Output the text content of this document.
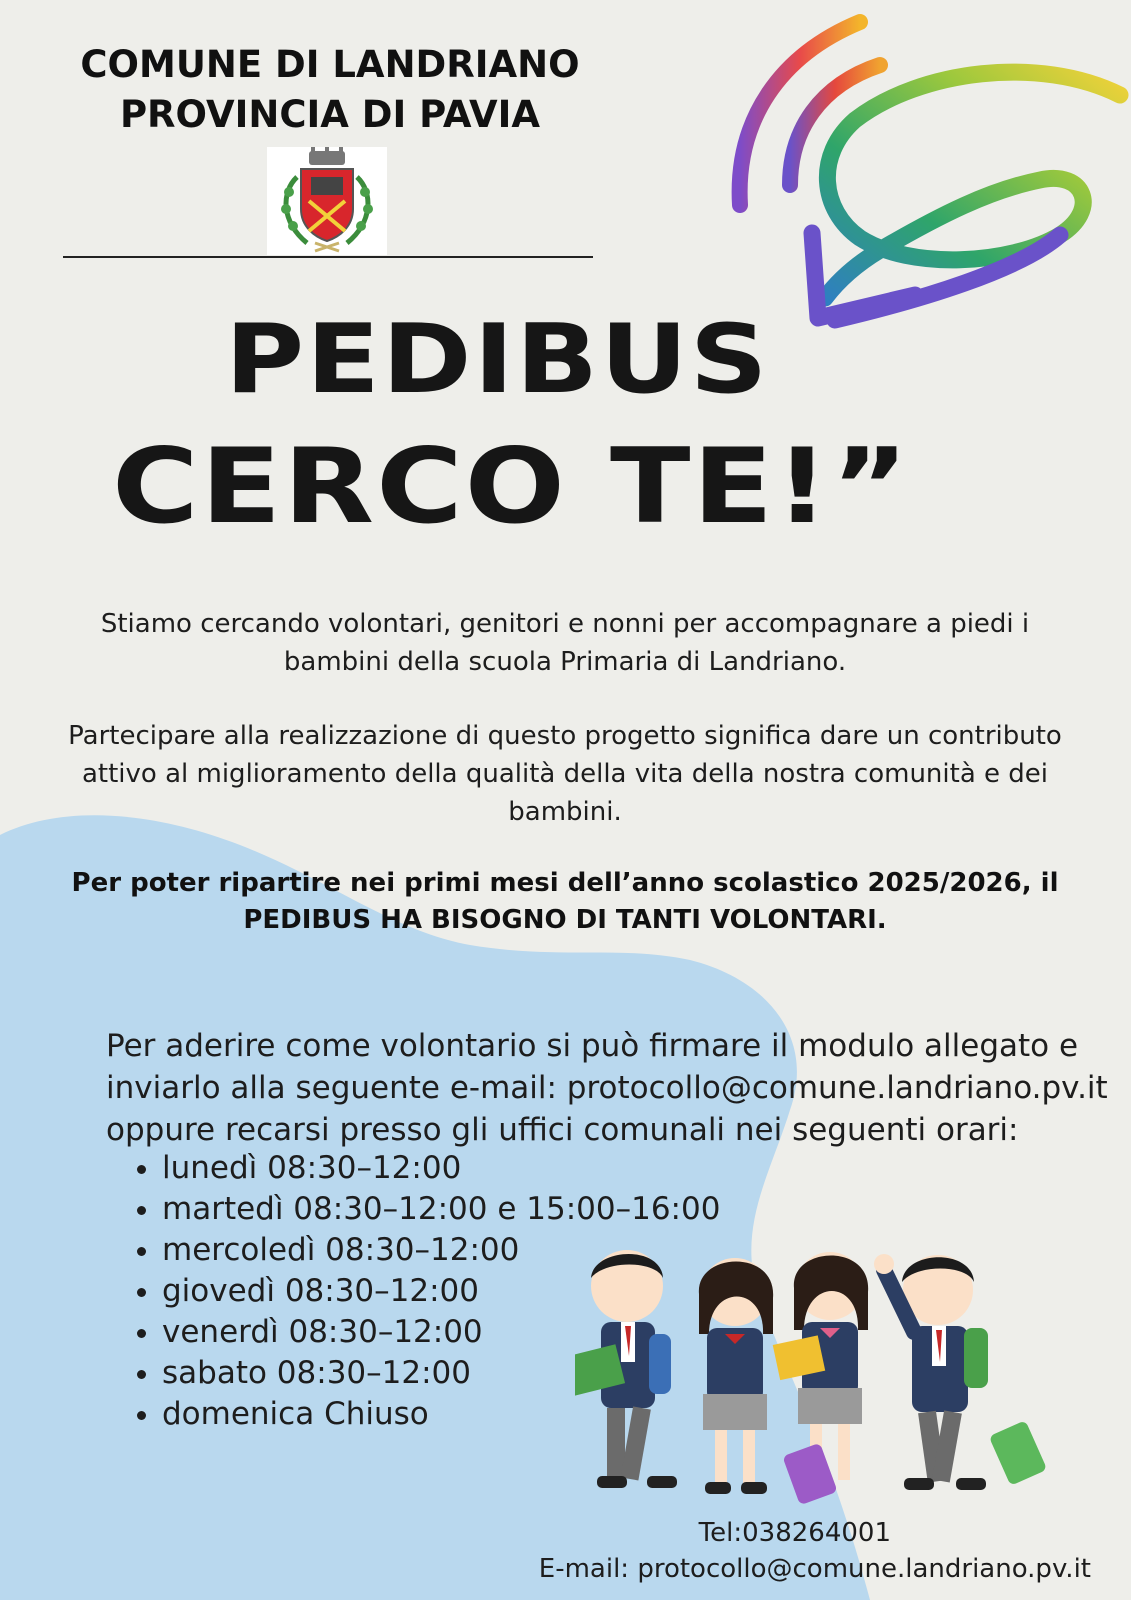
COMUNE DI LANDRIANO
PROVINCIA DI PAVIA
PEDIBUS
CERCO TE!”
Stiamo cercando volontari, genitori e nonni per accompagnare a piedi i bambini della scuola Primaria di Landriano.
Partecipare alla realizzazione di questo progetto significa dare un contributo attivo al miglioramento della qualità della vita della nostra comunità e dei bambini.
Per poter ripartire nei primi mesi dell’anno scolastico 2025/2026, il PEDIBUS HA BISOGNO DI TANTI VOLONTARI.
Per aderire come volontario si può firmare il modulo allegato e inviarlo alla seguente e-mail: protocollo@comune.landriano.pv.it oppure recarsi presso gli uffici comunali nei seguenti orari:
• lunedì 08:30–12:00
• martedì 08:30–12:00 e 15:00–16:00
• mercoledì 08:30–12:00
• giovedì 08:30–12:00
• venerdì 08:30–12:00
• sabato 08:30–12:00
• domenica Chiuso
Tel:038264001
E-mail: protocollo@comune.landriano.pv.it
